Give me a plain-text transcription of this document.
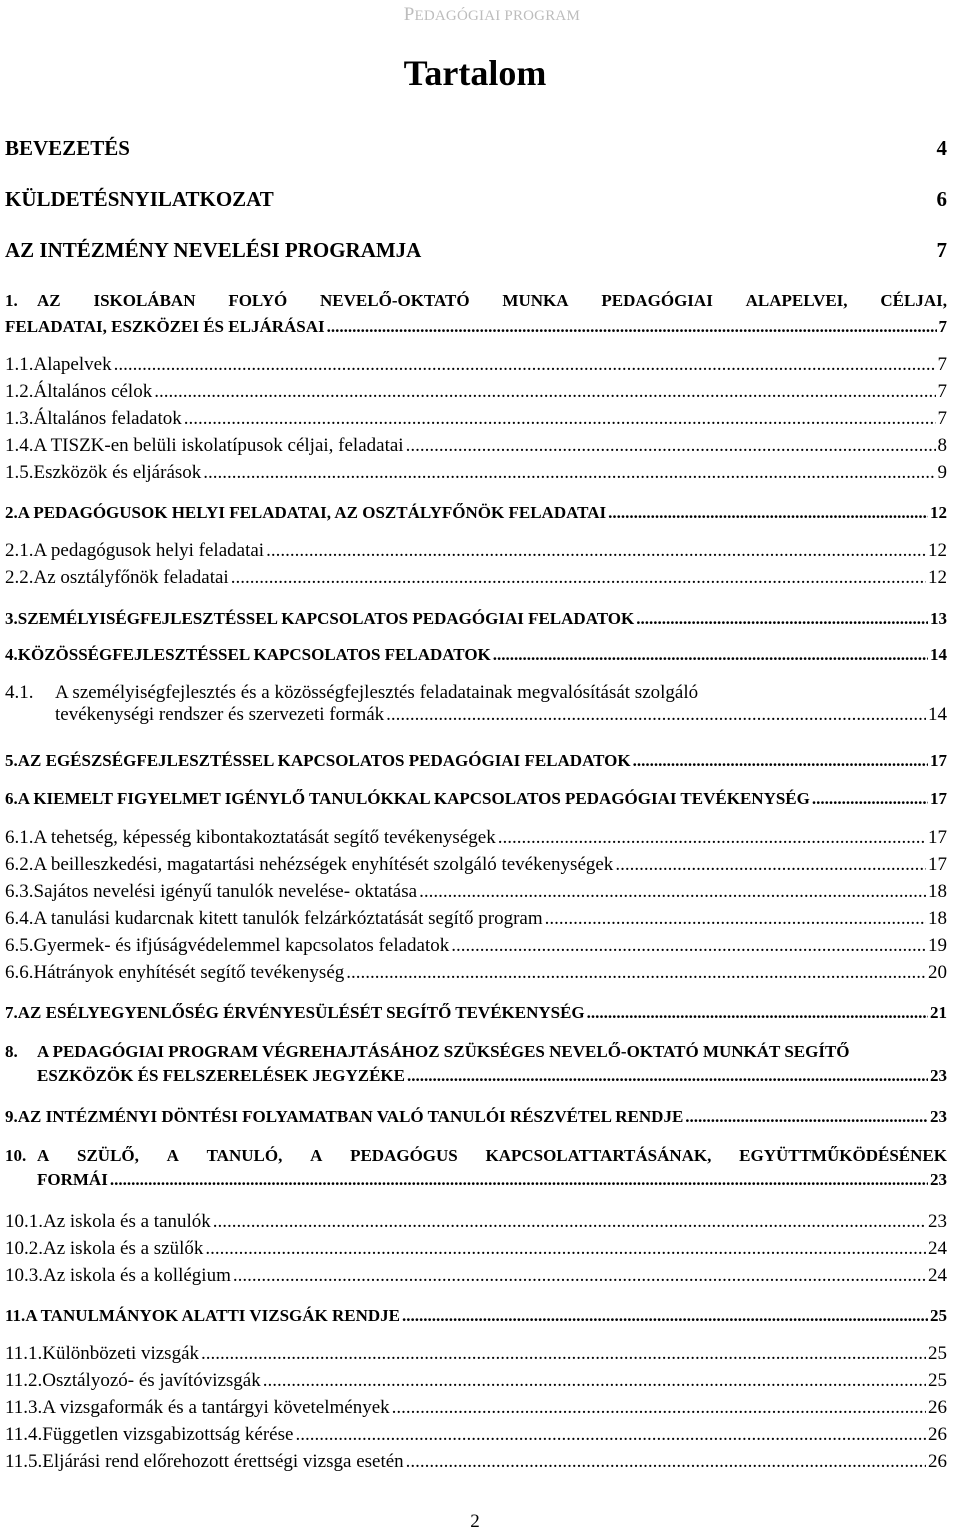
PEDAGÓGIAI PROGRAM
Tartalom
BEVEZETÉS	4
KÜLDETÉSNYILATKOZAT	6
AZ INTÉZMÉNY NEVELÉSI PROGRAMJA	7
1.	AZ ISKOLÁBAN FOLYÓ NEVELŐ-OKTATÓ MUNKA PEDAGÓGIAI ALAPELVEI, CÉLJAI,
FELADATAI, ESZKÖZEI ÉS ELJÁRÁSAI .....	7
1.1. Alapelvek .....	7
1.2. Általános célok .....	7
1.3. Általános feladatok .....	7
1.4. A TISZK-en belüli iskolatípusok céljai, feladatai .....	8
1.5. Eszközök és eljárások .....	9
2. A PEDAGÓGUSOK HELYI FELADATAI, AZ OSZTÁLYFŐNÖK FELADATAI .....	12
2.1. A pedagógusok helyi feladatai .....	12
2.2. Az osztályfőnök feladatai .....	12
3. SZEMÉLYISÉGFEJLESZTÉSSEL KAPCSOLATOS PEDAGÓGIAI FELADATOK .....	13
4. KÖZÖSSÉGFEJLESZTÉSSEL KAPCSOLATOS FELADATOK .....	14
4.1.	A személyiségfejlesztés és a közösségfejlesztés feladatainak megvalósítását szolgáló
tevékenységi rendszer és szervezeti formák .....	14
5. AZ EGÉSZSÉGFEJLESZTÉSSEL KAPCSOLATOS PEDAGÓGIAI FELADATOK .....	17
6. A KIEMELT FIGYELMET IGÉNYLŐ TANULÓKKAL KAPCSOLATOS PEDAGÓGIAI TEVÉKENYSÉG .....	17
6.1. A tehetség, képesség kibontakoztatását segítő tevékenységek .....	17
6.2. A beilleszkedési, magatartási nehézségek enyhítését szolgáló tevékenységek .....	17
6.3. Sajátos nevelési igényű tanulók nevelése- oktatása .....	18
6.4. A tanulási kudarcnak kitett tanulók felzárkóztatását segítő program .....	18
6.5. Gyermek- és ifjúságvédelemmel kapcsolatos feladatok .....	19
6.6. Hátrányok enyhítését segítő tevékenység .....	20
7. AZ ESÉLYEGYENLŐSÉG ÉRVÉNYESÜLÉSÉT SEGÍTŐ TEVÉKENYSÉG .....	21
8.	A PEDAGÓGIAI PROGRAM VÉGREHAJTÁSÁHOZ SZÜKSÉGES NEVELŐ-OKTATÓ MUNKÁT SEGÍTŐ
ESZKÖZÖK ÉS FELSZERELÉSEK JEGYZÉKE .....	23
9. AZ INTÉZMÉNYI DÖNTÉSI FOLYAMATBAN VALÓ TANULÓI RÉSZVÉTEL RENDJE .....	23
10. A SZÜLŐ, A TANULÓ, A PEDAGÓGUS KAPCSOLATTARTÁSÁNAK, EGYÜTTMŰKÖDÉSÉNEK
FORMÁI .....	23
10.1. Az iskola és a tanulók .....	23
10.2. Az iskola és a szülők .....	24
10.3. Az iskola és a kollégium .....	24
11. A TANULMÁNYOK ALATTI VIZSGÁK RENDJE .....	25
11.1. Különbözeti vizsgák .....	25
11.2. Osztályozó- és javítóvizsgák .....	25
11.3. A vizsgaformák és a tantárgyi követelmények .....	26
11.4. Független vizsgabizottság kérése .....	26
11.5. Eljárási rend előrehozott érettségi vizsga esetén .....	26
2
